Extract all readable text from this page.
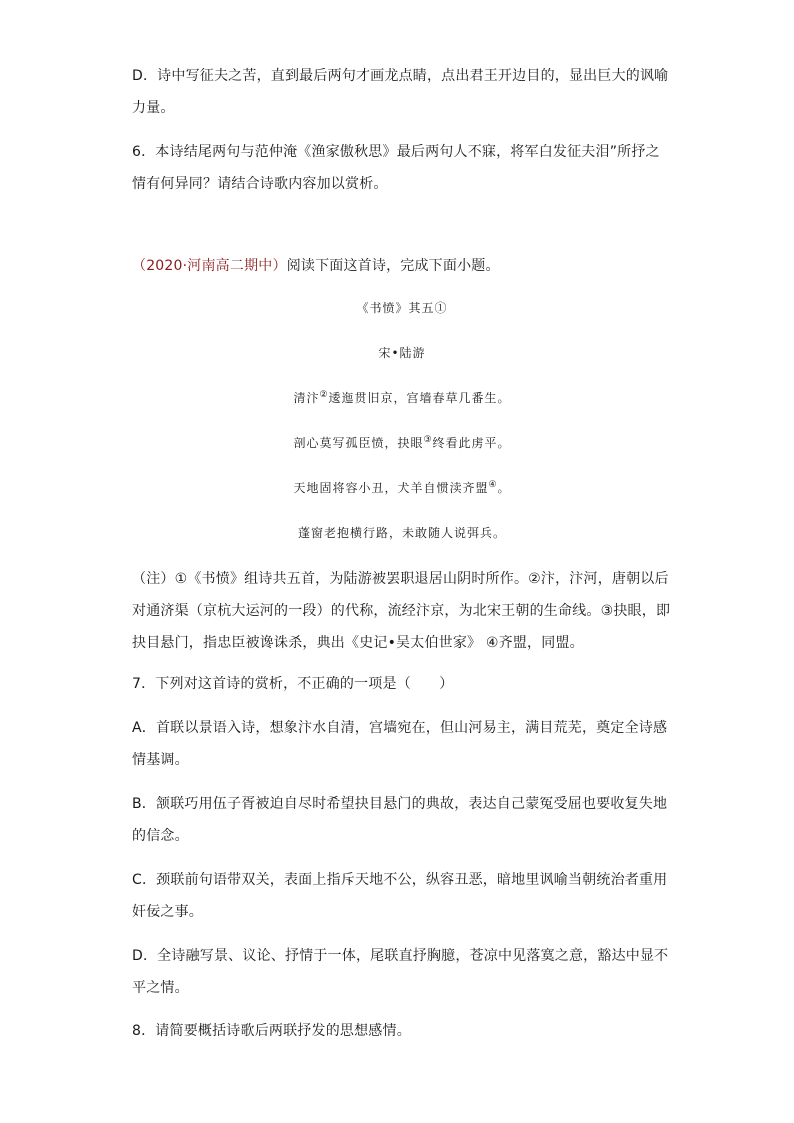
D．诗中写征夫之苦，直到最后两句才画龙点睛，点出君王开边目的，显出巨大的讽喻力量。

6．本诗结尾两句与范仲淹《渔家傲秋思》最后两句人不寐，将军白发征夫泪”所抒之情有何异同？请结合诗歌内容加以赏析。

（2020·河南高二期中）阅读下面这首诗，完成下面小题。

《书愤》其五①

宋•陆游

清汴②逶迤贯旧京，宫墙春草几番生。

剖心莫写孤臣愤，抉眼③终看此虏平。

天地固将容小丑，犬羊自惯渎齐盟④。

蓬窗老抱横行路，未敢随人说弭兵。

（注）①《书愤》组诗共五首，为陆游被罢职退居山阴时所作。②汴，汴河，唐朝以后对通济渠（京杭大运河的一段）的代称，流经汴京，为北宋王朝的生命线。③抉眼，即抉目悬门，指忠臣被谗诛杀，典出《史记•吴太伯世家》 ④齐盟，同盟。

7．下列对这首诗的赏析，不正确的一项是（　　）

A．首联以景语入诗，想象汴水自清，宫墙宛在，但山河易主，满目荒芜，奠定全诗感情基调。

B．颔联巧用伍子胥被迫自尽时希望抉目悬门的典故，表达自己蒙冤受屈也要收复失地的信念。

C．颈联前句语带双关，表面上指斥天地不公，纵容丑恶，暗地里讽喻当朝统治者重用奸佞之事。

D．全诗融写景、议论、抒情于一体，尾联直抒胸臆，苍凉中见落寞之意，豁达中显不平之情。

8．请简要概括诗歌后两联抒发的思想感情。
